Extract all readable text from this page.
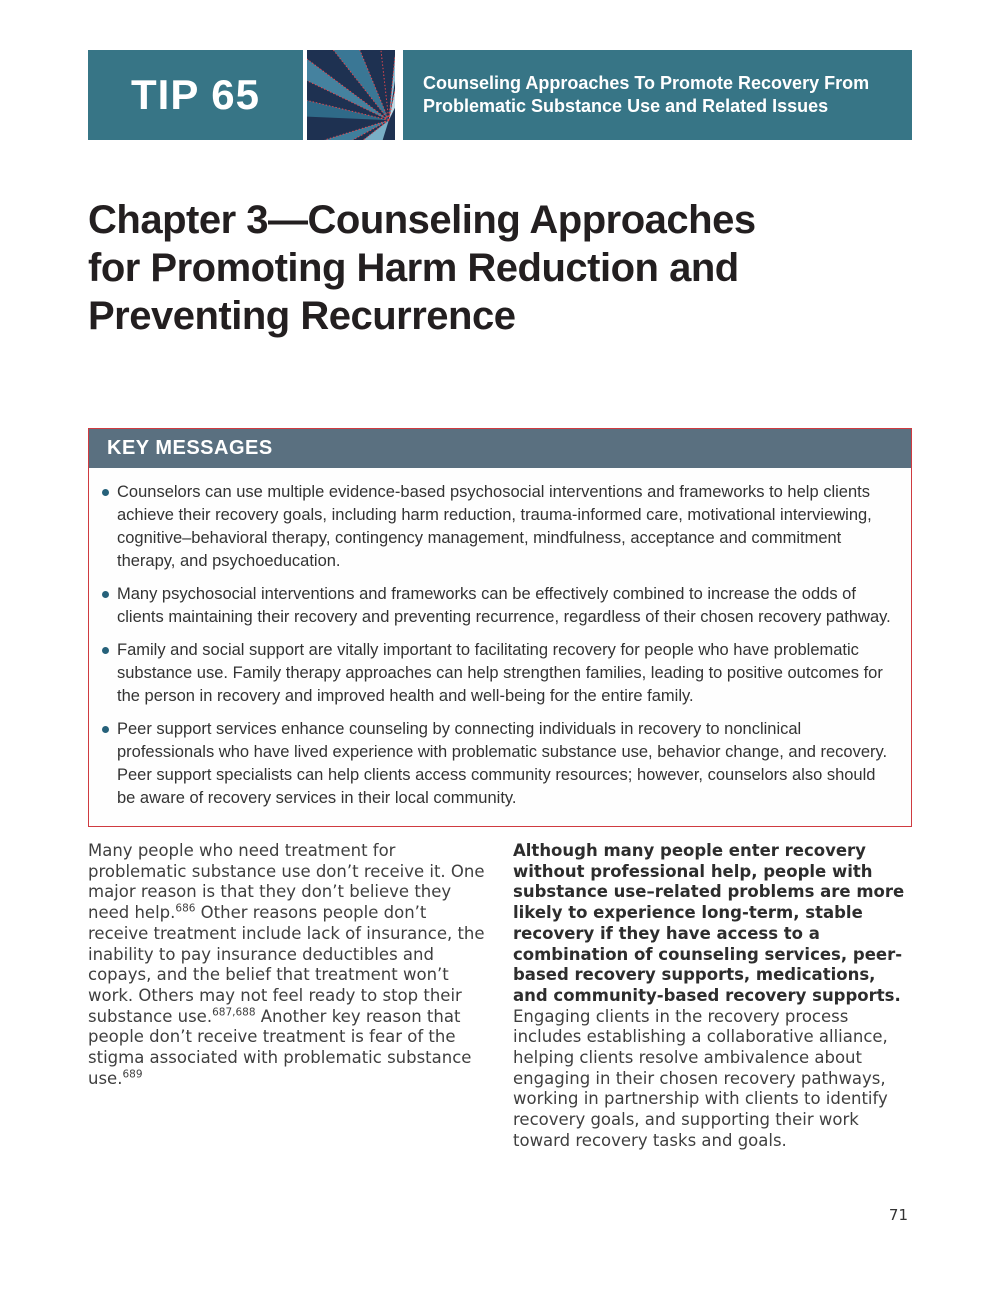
TIP 65	Counseling Approaches To Promote Recovery From
Problematic Substance Use and Related Issues
Chapter 3—Counseling Approaches
for Promoting Harm Reduction and
Preventing Recurrence
KEY MESSAGES
Counselors can use multiple evidence-based psychosocial interventions and frameworks to help clients achieve their recovery goals, including harm reduction, trauma-informed care, motivational interviewing, cognitive–behavioral therapy, contingency management, mindfulness, acceptance and commitment therapy, and psychoeducation.
Many psychosocial interventions and frameworks can be effectively combined to increase the odds of clients maintaining their recovery and preventing recurrence, regardless of their chosen recovery pathway.
Family and social support are vitally important to facilitating recovery for people who have problematic substance use. Family therapy approaches can help strengthen families, leading to positive outcomes for the person in recovery and improved health and well-being for the entire family.
Peer support services enhance counseling by connecting individuals in recovery to nonclinical professionals who have lived experience with problematic substance use, behavior change, and recovery. Peer support specialists can help clients access community resources; however, counselors also should be aware of recovery services in their local community.

Many people who need treatment for problematic substance use don’t receive it. One major reason is that they don’t believe they need help.$^{686}$ Other reasons people don’t receive treatment include lack of insurance, the inability to pay insurance deductibles and copays, and the belief that treatment won’t work. Others may not feel ready to stop their substance use.$^{687,688}$ Another key reason that people don’t receive treatment is fear of the stigma associated with problematic substance use.$^{689}$

Although many people enter recovery without professional help, people with substance use–related problems are more likely to experience long-term, stable recovery if they have access to a combination of counseling services, peer-based recovery supports, medications, and community-based recovery supports. Engaging clients in the recovery process includes establishing a collaborative alliance, helping clients resolve ambivalence about engaging in their chosen recovery pathways, working in partnership with clients to identify recovery goals, and supporting their work toward recovery tasks and goals.

71
